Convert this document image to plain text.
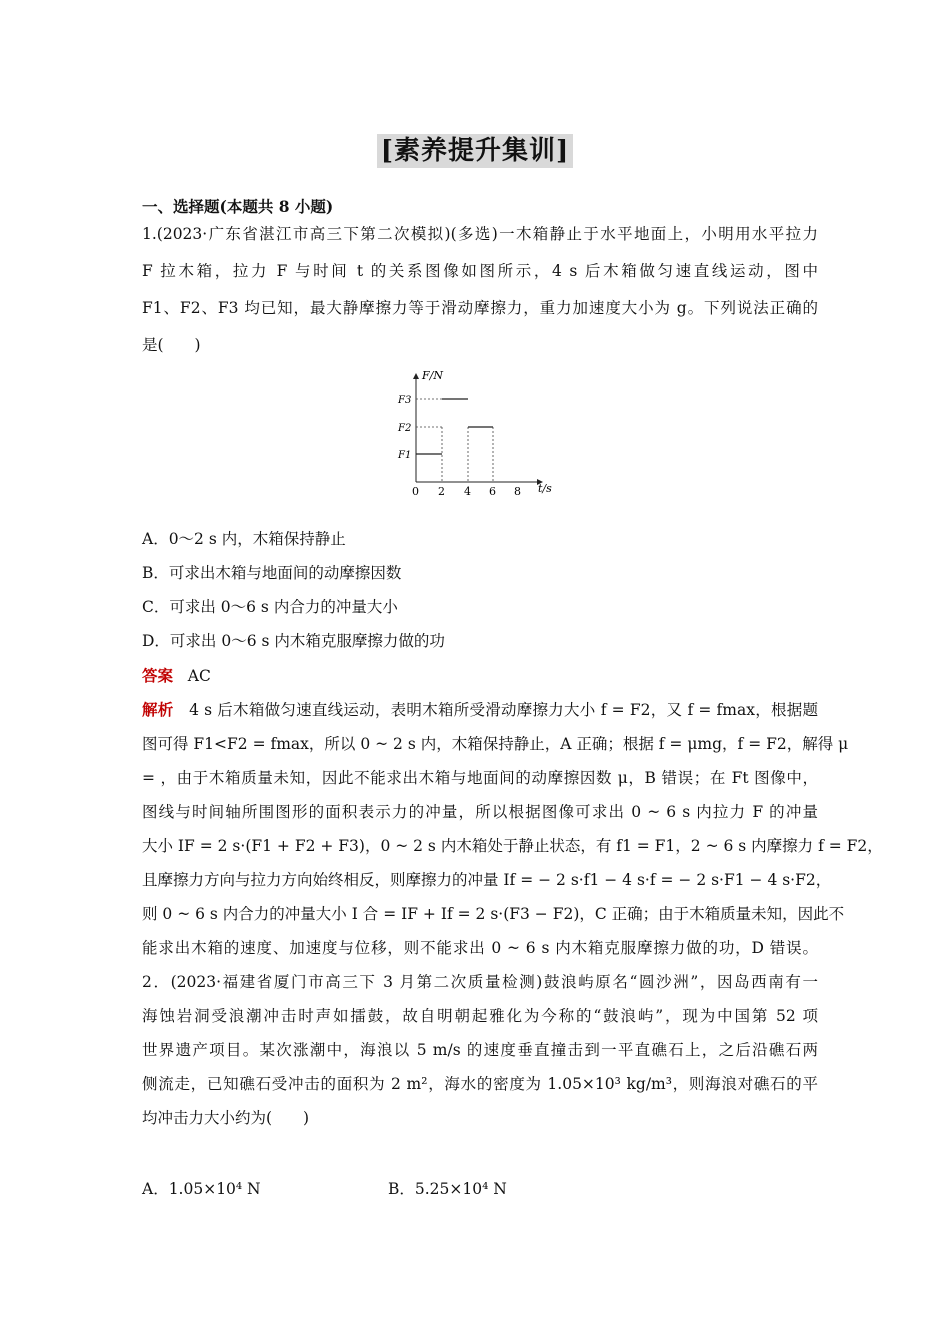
[素养提升集训]
一、选择题(本题共 8 小题)
1.(2023·广东省湛江市高三下第二次模拟)(多选)一木箱静止于水平地面上，小明用水平拉力
F 拉木箱，拉力 F 与时间 t 的关系图像如图所示，4 s 后木箱做匀速直线运动，图中
F1、F2、F3 均已知，最大静摩擦力等于滑动摩擦力，重力加速度大小为 g。下列说法正确的
是(　　)
F/N
t/s
F3
F2
F1
0 2 4 6 8
A．0～2 s 内，木箱保持静止
B．可求出木箱与地面间的动摩擦因数
C．可求出 0～6 s 内合力的冲量大小
D．可求出 0～6 s 内木箱克服摩擦力做的功
答案 AC
解析 4 s 后木箱做匀速直线运动，表明木箱所受滑动摩擦力大小 f = F2，又 f = fmax，根据题
图可得 F1<F2 = fmax，所以 0 ~ 2 s 内，木箱保持静止，A 正确；根据 f = μmg，f = F2，解得 μ
= ，由于木箱质量未知，因此不能求出木箱与地面间的动摩擦因数 μ，B 错误；在 Ft 图像中，
图线与时间轴所围图形的面积表示力的冲量，所以根据图像可求出 0 ~ 6 s 内拉力 F 的冲量
大小 IF = 2 s·(F1 + F2 + F3)，0 ~ 2 s 内木箱处于静止状态，有 f1 = F1，2 ~ 6 s 内摩擦力 f = F2，
且摩擦力方向与拉力方向始终相反，则摩擦力的冲量 If = − 2 s·f1 − 4 s·f = − 2 s·F1 − 4 s·F2，
则 0 ~ 6 s 内合力的冲量大小 I 合 = IF + If = 2 s·(F3 − F2)，C 正确；由于木箱质量未知，因此不
能求出木箱的速度、加速度与位移，则不能求出 0 ~ 6 s 内木箱克服摩擦力做的功，D 错误。
2．(2023·福建省厦门市高三下 3 月第二次质量检测)鼓浪屿原名“圆沙洲”，因岛西南有一
海蚀岩洞受浪潮冲击时声如擂鼓，故自明朝起雅化为今称的“鼓浪屿”，现为中国第 52 项
世界遗产项目。某次涨潮中，海浪以 5 m/s 的速度垂直撞击到一平直礁石上，之后沿礁石两
侧流走，已知礁石受冲击的面积为 2 m²，海水的密度为 1.05×10³ kg/m³，则海浪对礁石的平
均冲击力大小约为(　　)
A．1.05×10⁴ N	B．5.25×10⁴ N
